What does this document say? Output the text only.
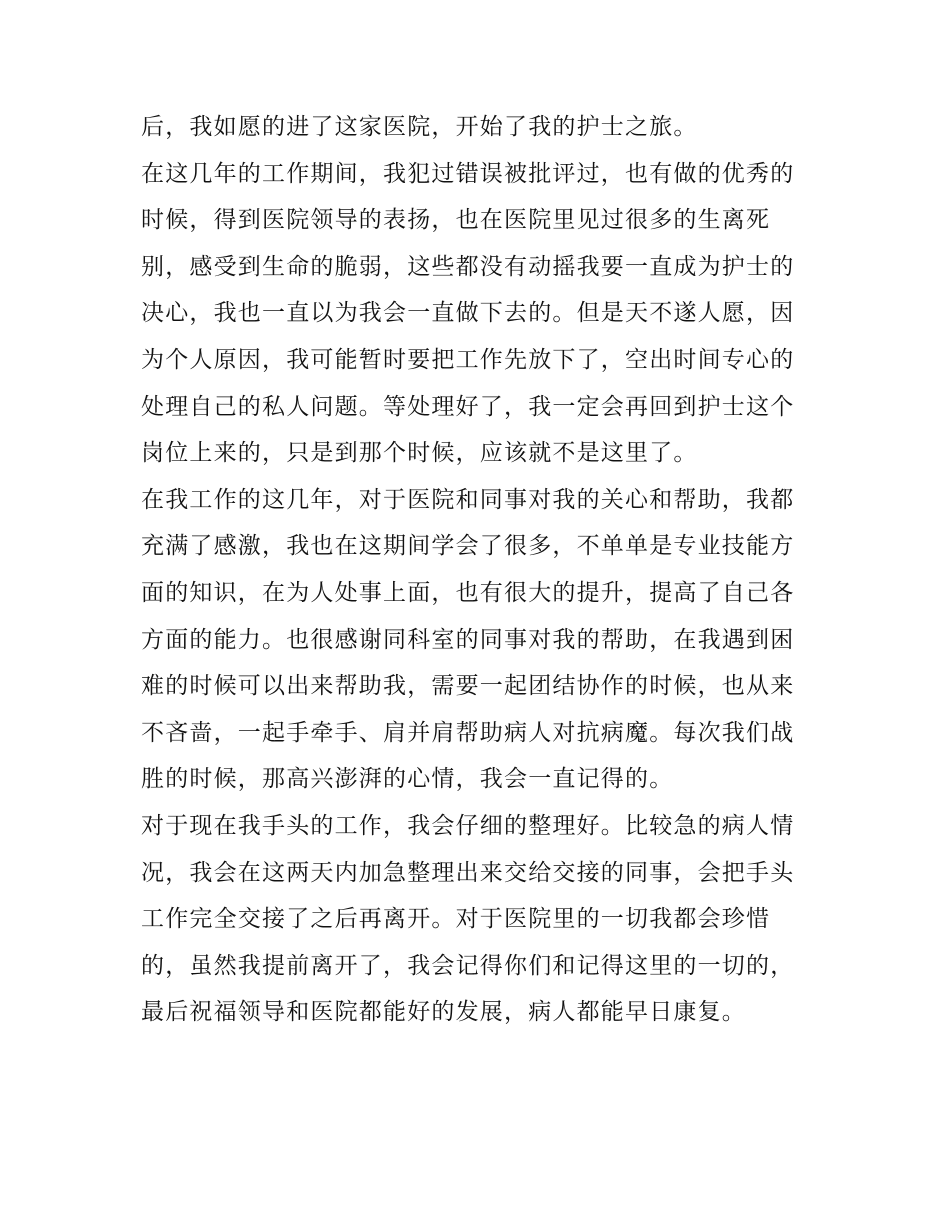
后，我如愿的进了这家医院，开始了我的护士之旅。
在这几年的工作期间，我犯过错误被批评过，也有做的优秀的
时候，得到医院领导的表扬，也在医院里见过很多的生离死
别，感受到生命的脆弱，这些都没有动摇我要一直成为护士的
决心，我也一直以为我会一直做下去的。但是天不遂人愿，因
为个人原因，我可能暂时要把工作先放下了，空出时间专心的
处理自己的私人问题。等处理好了，我一定会再回到护士这个
岗位上来的，只是到那个时候，应该就不是这里了。
在我工作的这几年，对于医院和同事对我的关心和帮助，我都
充满了感激，我也在这期间学会了很多，不单单是专业技能方
面的知识，在为人处事上面，也有很大的提升，提高了自己各
方面的能力。也很感谢同科室的同事对我的帮助，在我遇到困
难的时候可以出来帮助我，需要一起团结协作的时候，也从来
不吝啬，一起手牵手、肩并肩帮助病人对抗病魔。每次我们战
胜的时候，那高兴澎湃的心情，我会一直记得的。
对于现在我手头的工作，我会仔细的整理好。比较急的病人情
况，我会在这两天内加急整理出来交给交接的同事，会把手头
工作完全交接了之后再离开。对于医院里的一切我都会珍惜
的，虽然我提前离开了，我会记得你们和记得这里的一切的，
最后祝福领导和医院都能好的发展，病人都能早日康复。
